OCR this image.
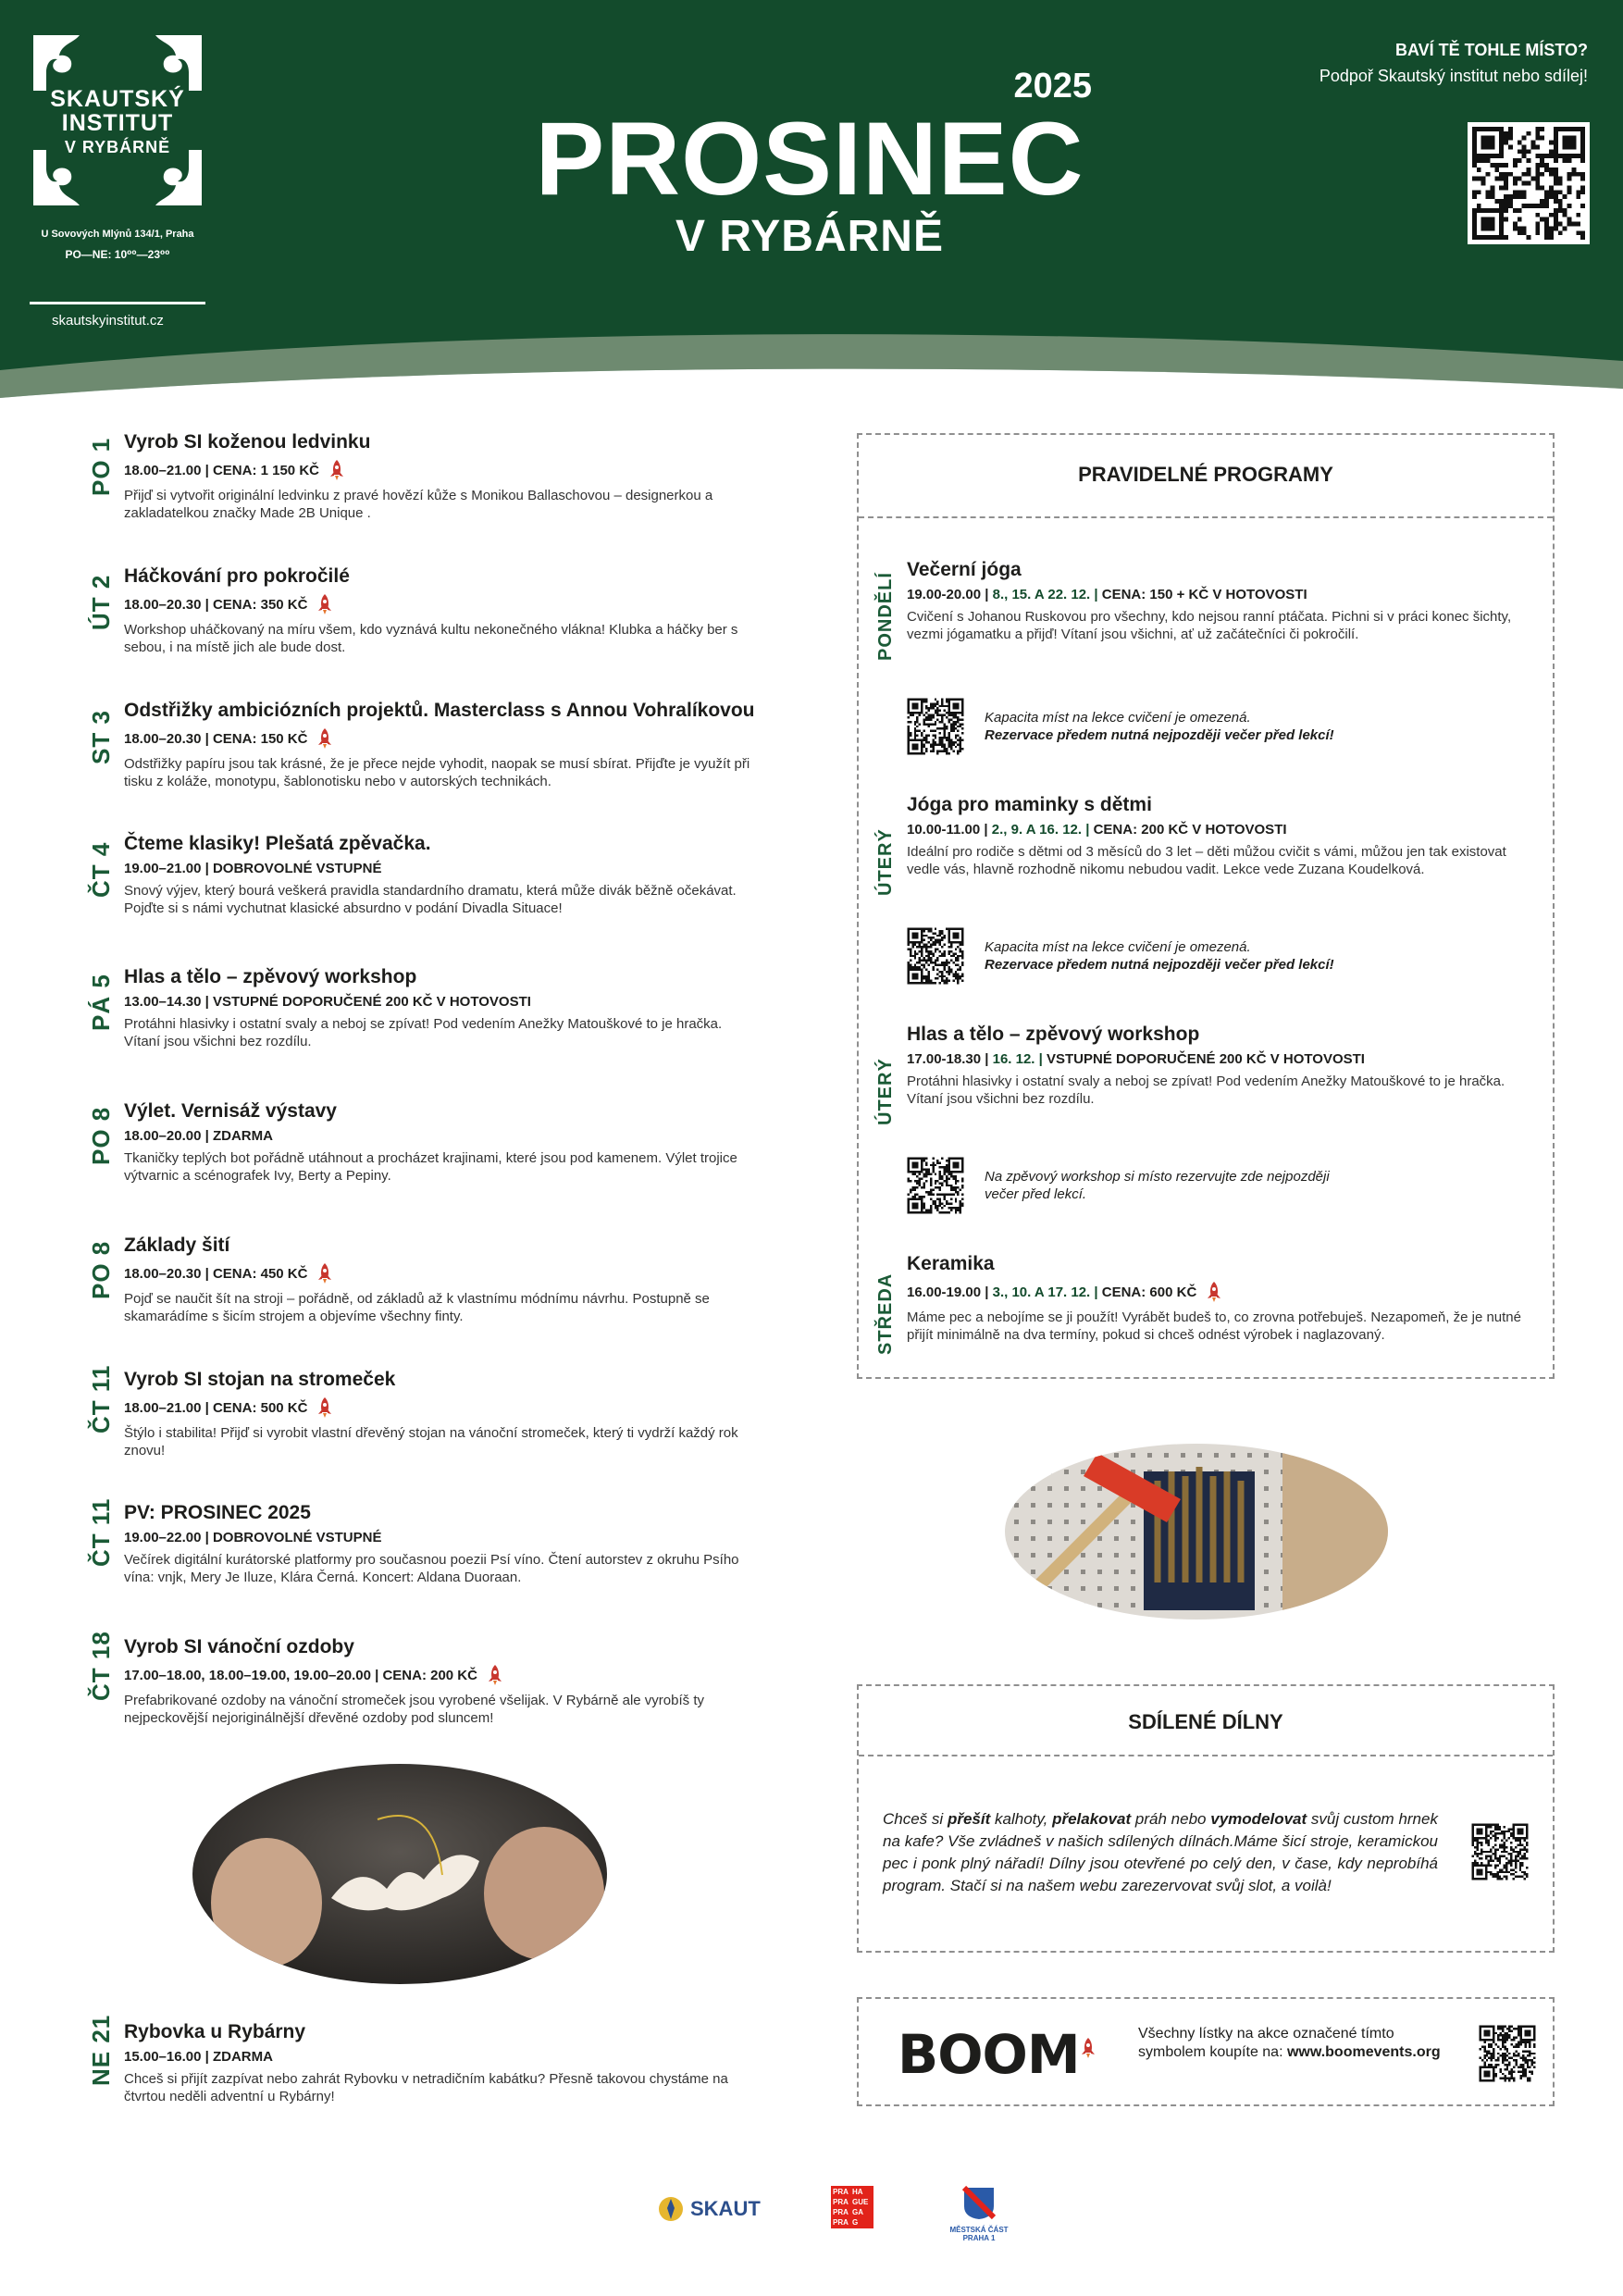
SKAUTSKÝ
INSTITUT
V RYBÁRNĚ
U Sovových Mlýnů 134/1, Praha
PO—NE: 10⁰⁰—23⁰⁰
skautskyinstitut.cz
2025
PROSINEC
V RYBÁRNĚ
BAVÍ TĚ TOHLE MÍSTO?
Podpoř Skautský institut nebo sdílej!
PO 1 Vyrob SI koženou ledvinku
18.00–21.00 | CENA: 1 150 KČ
Přijď si vytvořit originální ledvinku z pravé hovězí kůže s Monikou Ballaschovou – designerkou a zakladatelkou značky Made 2B Unique .
ÚT 2 Háčkování pro pokročilé
18.00–20.30 | CENA: 350 KČ
Workshop uháčkovaný na míru všem, kdo vyznává kultu nekonečného vlákna! Klubka a háčky ber s sebou, i na místě jich ale bude dost.
ST 3 Odstřižky ambiciózních projektů. Masterclass s Annou Vohralíkovou
18.00–20.30 | CENA: 150 KČ
Odstřižky papíru jsou tak krásné, že je přece nejde vyhodit, naopak se musí sbírat. Přijďte je využít při tisku z koláže, monotypu, šablonotisku nebo v autorských technikách.
ČT 4 Čteme klasiky! Plešatá zpěvačka.
19.00–21.00 | DOBROVOLNÉ VSTUPNÉ
Snový výjev, který bourá veškerá pravidla standardního dramatu, která může divák běžně očekávat. Pojďte si s námi vychutnat klasické absurdno v podání Divadla Situace!
PÁ 5 Hlas a tělo – zpěvový workshop
13.00–14.30 | VSTUPNÉ DOPORUČENÉ 200 KČ V HOTOVOSTI
Protáhni hlasivky i ostatní svaly a neboj se zpívat! Pod vedením Anežky Matouškové to je hračka. Vítaní jsou všichni bez rozdílu.
PO 8 Výlet. Vernisáž výstavy
18.00–20.00 | ZDARMA
Tkaničky teplých bot pořádně utáhnout a procházet krajinami, které jsou pod kamenem. Výlet trojice výtvarnic a scénografek Ivy, Berty a Pepiny.
PO 8 Základy šití
18.00–20.30 | CENA: 450 KČ
Pojď se naučit šít na stroji – pořádně, od základů až k vlastnímu módnímu návrhu. Postupně se skamarádíme s šicím strojem a objevíme všechny finty.
ČT 11 Vyrob SI stojan na stromeček
18.00–21.00 | CENA: 500 KČ
Štýlo i stabilita! Přijď si vyrobit vlastní dřevěný stojan na vánoční stromeček, který ti vydrží každý rok znovu!
ČT 11 PV: PROSINEC 2025
19.00–22.00 | DOBROVOLNÉ VSTUPNÉ
Večírek digitální kurátorské platformy pro současnou poezii Psí víno. Čtení autorstev z okruhu Psího vína: vnjk, Mery Je Iluze, Klára Černá. Koncert: Aldana Duoraan.
ČT 18 Vyrob SI vánoční ozdoby
17.00–18.00, 18.00–19.00, 19.00–20.00 | CENA: 200 KČ
Prefabrikované ozdoby na vánoční stromeček jsou vyrobené všelijak. V Rybárně ale vyrobíš ty nejpeckovější nejoriginálnější dřevěné ozdoby pod sluncem!
NE 21 Rybovka u Rybárny
15.00–16.00 | ZDARMA
Chceš si přijít zazpívat nebo zahrát Rybovku v netradičním kabátku? Přesně takovou chystáme na čtvrtou neděli adventní u Rybárny!
PRAVIDELNÉ PROGRAMY
PONDĚLÍ
Večerní jóga
19.00-20.00 | 8., 15. A 22. 12. | CENA: 150 + KČ V HOTOVOSTI
Cvičení s Johanou Ruskovou pro všechny, kdo nejsou ranní ptáčata. Pichni si v práci konec šichty, vezmi jógamatku a přijď! Vítaní jsou všichni, ať už začátečníci či pokročilí.
Kapacita míst na lekce cvičení je omezená.
Rezervace předem nutná nejpozději večer před lekcí!
ÚTERÝ
Jóga pro maminky s dětmi
10.00-11.00 | 2., 9. A 16. 12. | CENA: 200 KČ V HOTOVOSTI
Ideální pro rodiče s dětmi od 3 měsíců do 3 let – děti můžou cvičit s vámi, můžou jen tak existovat vedle vás, hlavně rozhodně nikomu nebudou vadit. Lekce vede Zuzana Koudelková.
Kapacita míst na lekce cvičení je omezená.
Rezervace předem nutná nejpozději večer před lekcí!
ÚTERÝ
Hlas a tělo – zpěvový workshop
17.00-18.30 | 16. 12. | VSTUPNÉ DOPORUČENÉ 200 KČ V HOTOVOSTI
Protáhni hlasivky i ostatní svaly a neboj se zpívat! Pod vedením Anežky Matouškové to je hračka. Vítaní jsou všichni bez rozdílu.
Na zpěvový workshop si místo rezervujte zde nejpozději
večer před lekcí.
STŘEDA
Keramika
16.00-19.00 | 3., 10. A 17. 12. | CENA: 600 KČ
Máme pec a nebojíme se ji použít! Vyrábět budeš to, co zrovna potřebuješ. Nezapomeň, že je nutné přijít minimálně na dva termíny, pokud si chceš odnést výrobek i naglazovaný.
SDÍLENÉ DÍLNY
Chceš si přešít kalhoty, přelakovat práh nebo vymodelovat svůj custom hrnek na kafe? Vše zvládneš v našich sdílených dílnách.Máme šicí stroje, keramickou pec i ponk plný nářadí! Dílny jsou otevřené po celý den, v čase, kdy neprobíhá program. Stačí si na našem webu zarezervovat svůj slot, a voilà!
BOOM	Všechny lístky na akce označené tímto
symbolem koupíte na: www.boomevents.org
SKAUT
PRA HA
PRA GUE
PRA GA
PRA G
MĚSTSKÁ ČÁST
PRAHA 1
